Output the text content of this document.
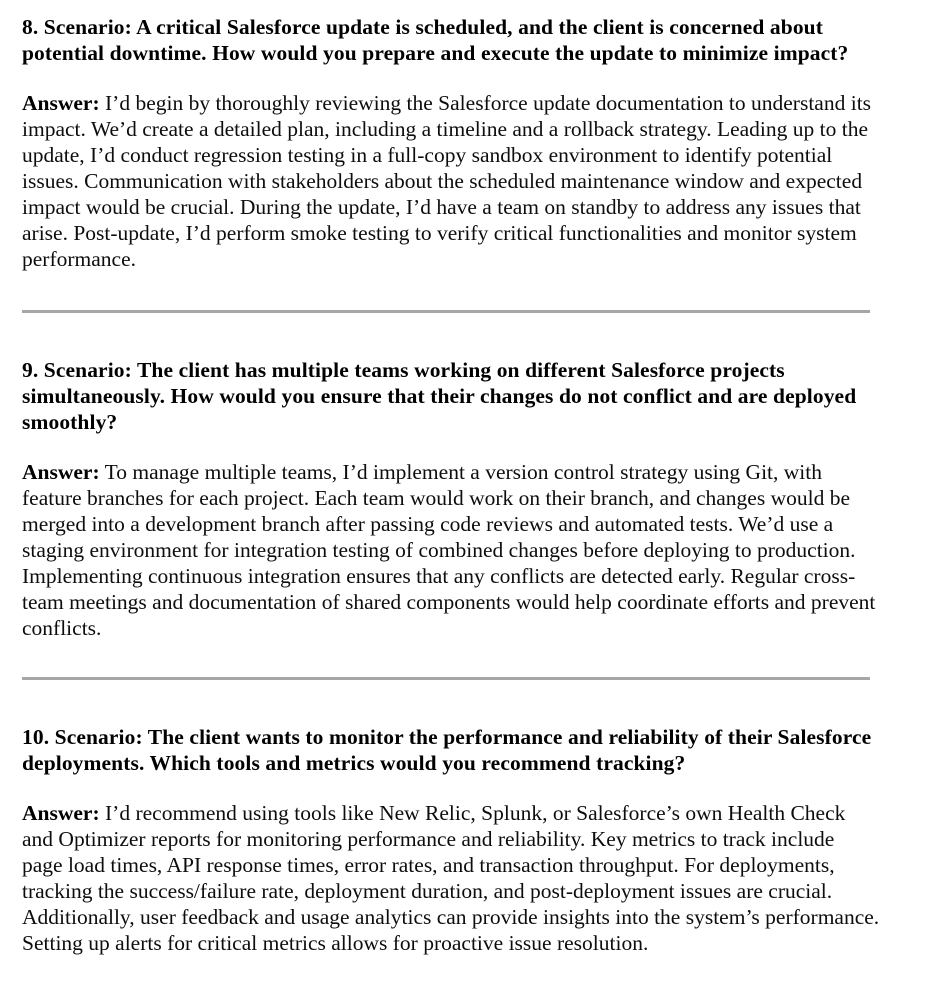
8. Scenario: A critical Salesforce update is scheduled, and the client is concerned about potential downtime. How would you prepare and execute the update to minimize impact?

Answer: I’d begin by thoroughly reviewing the Salesforce update documentation to understand its impact. We’d create a detailed plan, including a timeline and a rollback strategy. Leading up to the update, I’d conduct regression testing in a full-copy sandbox environment to identify potential issues. Communication with stakeholders about the scheduled maintenance window and expected impact would be crucial. During the update, I’d have a team on standby to address any issues that arise. Post-update, I’d perform smoke testing to verify critical functionalities and monitor system performance.

9. Scenario: The client has multiple teams working on different Salesforce projects simultaneously. How would you ensure that their changes do not conflict and are deployed smoothly?

Answer: To manage multiple teams, I’d implement a version control strategy using Git, with feature branches for each project. Each team would work on their branch, and changes would be merged into a development branch after passing code reviews and automated tests. We’d use a staging environment for integration testing of combined changes before deploying to production. Implementing continuous integration ensures that any conflicts are detected early. Regular cross-team meetings and documentation of shared components would help coordinate efforts and prevent conflicts.

10. Scenario: The client wants to monitor the performance and reliability of their Salesforce deployments. Which tools and metrics would you recommend tracking?

Answer: I’d recommend using tools like New Relic, Splunk, or Salesforce’s own Health Check and Optimizer reports for monitoring performance and reliability. Key metrics to track include page load times, API response times, error rates, and transaction throughput. For deployments, tracking the success/failure rate, deployment duration, and post-deployment issues are crucial. Additionally, user feedback and usage analytics can provide insights into the system’s performance. Setting up alerts for critical metrics allows for proactive issue resolution.
